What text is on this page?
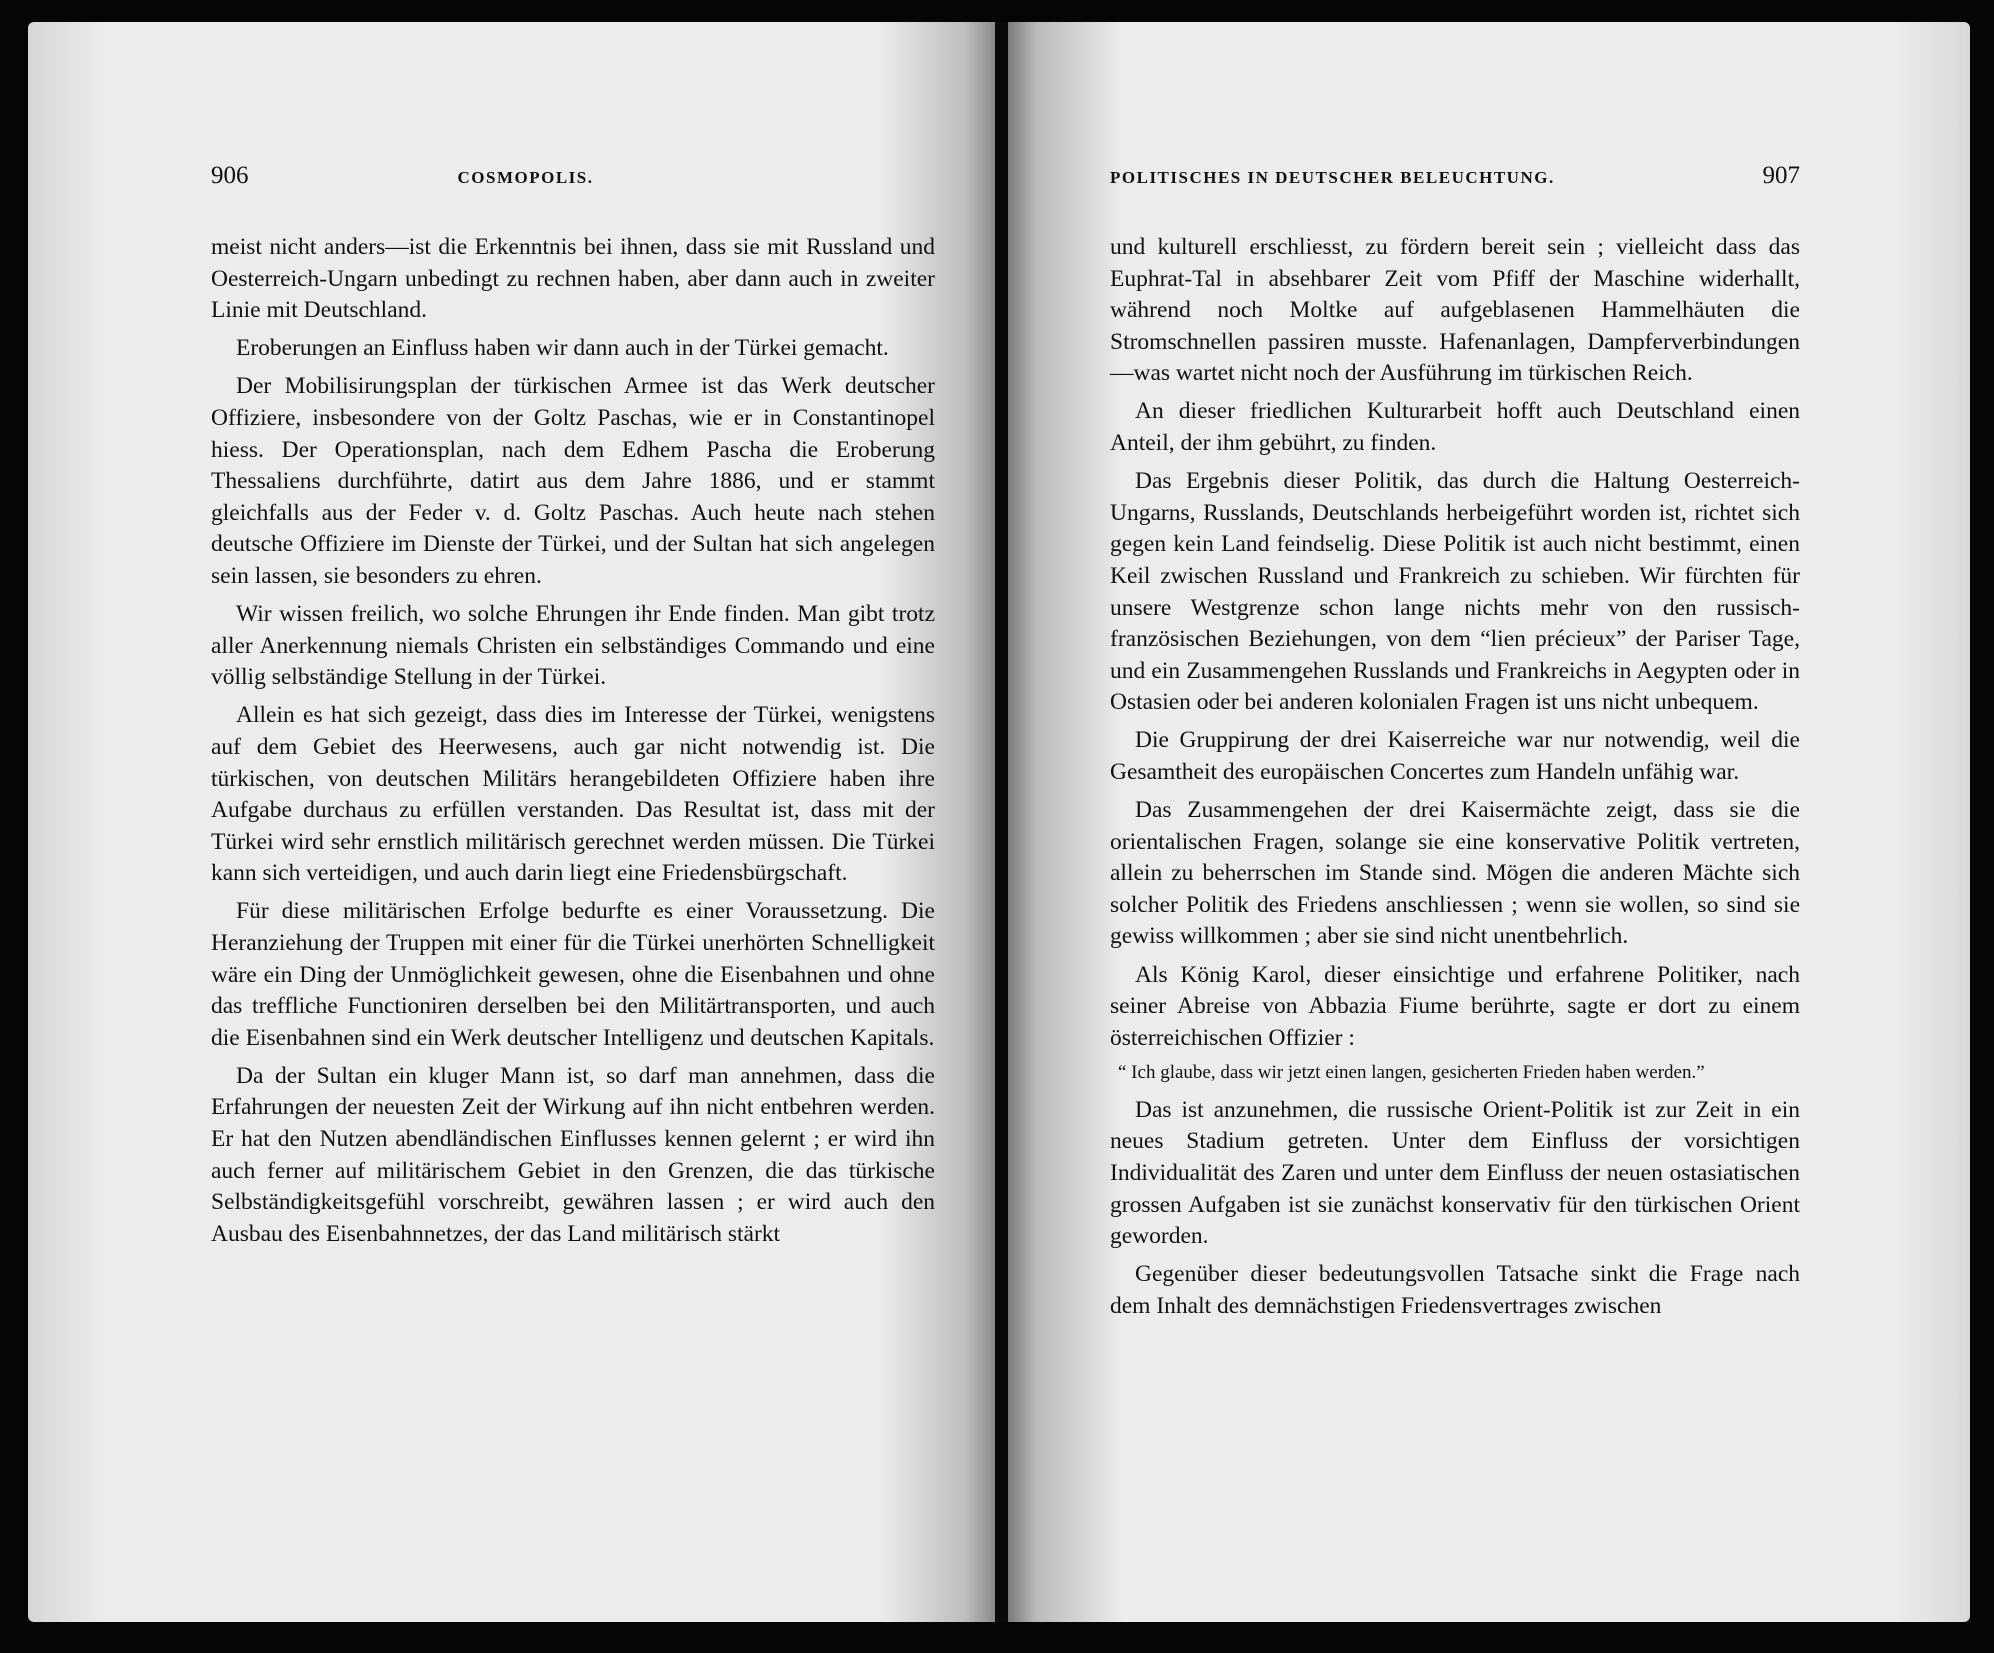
906	COSMOPOLIS.

meist nicht anders—ist die Erkenntnis bei ihnen, dass sie mit Russland und Oesterreich-Ungarn unbedingt zu rechnen haben, aber dann auch in zweiter Linie mit Deutschland.

Eroberungen an Einfluss haben wir dann auch in der Türkei gemacht.

Der Mobilisirungsplan der türkischen Armee ist das Werk deutscher Offiziere, insbesondere von der Goltz Paschas, wie er in Constantinopel hiess. Der Operationsplan, nach dem Edhem Pascha die Eroberung Thessaliens durchführte, datirt aus dem Jahre 1886, und er stammt gleichfalls aus der Feder v. d. Goltz Paschas. Auch heute nach stehen deutsche Offiziere im Dienste der Türkei, und der Sultan hat sich angelegen sein lassen, sie besonders zu ehren.

Wir wissen freilich, wo solche Ehrungen ihr Ende finden. Man gibt trotz aller Anerkennung niemals Christen ein selbständiges Commando und eine völlig selbständige Stellung in der Türkei.

Allein es hat sich gezeigt, dass dies im Interesse der Türkei, wenigstens auf dem Gebiet des Heerwesens, auch gar nicht notwendig ist. Die türkischen, von deutschen Militärs herangebildeten Offiziere haben ihre Aufgabe durchaus zu erfüllen verstanden. Das Resultat ist, dass mit der Türkei wird sehr ernstlich militärisch gerechnet werden müssen. Die Türkei kann sich verteidigen, und auch darin liegt eine Friedensbürgschaft.

Für diese militärischen Erfolge bedurfte es einer Voraussetzung. Die Heranziehung der Truppen mit einer für die Türkei unerhörten Schnelligkeit wäre ein Ding der Unmöglichkeit gewesen, ohne die Eisenbahnen und ohne das treffliche Functioniren derselben bei den Militärtransporten, und auch die Eisenbahnen sind ein Werk deutscher Intelligenz und deutschen Kapitals.

Da der Sultan ein kluger Mann ist, so darf man annehmen, dass die Erfahrungen der neuesten Zeit der Wirkung auf ihn nicht entbehren werden. Er hat den Nutzen abendländischen Einflusses kennen gelernt ; er wird ihn auch ferner auf militärischem Gebiet in den Grenzen, die das türkische Selbständigkeitsgefühl vorschreibt, gewähren lassen ; er wird auch den Ausbau des Eisenbahnnetzes, der das Land militärisch stärkt

POLITISCHES IN DEUTSCHER BELEUCHTUNG.	907

und kulturell erschliesst, zu fördern bereit sein ; vielleicht dass das Euphrat-Tal in absehbarer Zeit vom Pfiff der Maschine widerhallt, während noch Moltke auf aufgeblasenen Hammelhäuten die Stromschnellen passiren musste. Hafenanlagen, Dampferverbindungen—was wartet nicht noch der Ausführung im türkischen Reich.

An dieser friedlichen Kulturarbeit hofft auch Deutschland einen Anteil, der ihm gebührt, zu finden.

Das Ergebnis dieser Politik, das durch die Haltung Oesterreich-Ungarns, Russlands, Deutschlands herbeigeführt worden ist, richtet sich gegen kein Land feindselig. Diese Politik ist auch nicht bestimmt, einen Keil zwischen Russland und Frankreich zu schieben. Wir fürchten für unsere Westgrenze schon lange nichts mehr von den russisch-französischen Beziehungen, von dem “lien précieux” der Pariser Tage, und ein Zusammengehen Russlands und Frankreichs in Aegypten oder in Ostasien oder bei anderen kolonialen Fragen ist uns nicht unbequem.

Die Gruppirung der drei Kaiserreiche war nur notwendig, weil die Gesamtheit des europäischen Concertes zum Handeln unfähig war.

Das Zusammengehen der drei Kaisermächte zeigt, dass sie die orientalischen Fragen, solange sie eine konservative Politik vertreten, allein zu beherrschen im Stande sind. Mögen die anderen Mächte sich solcher Politik des Friedens anschliessen ; wenn sie wollen, so sind sie gewiss willkommen ; aber sie sind nicht unentbehrlich.

Als König Karol, dieser einsichtige und erfahrene Politiker, nach seiner Abreise von Abbazia Fiume berührte, sagte er dort zu einem österreichischen Offizier :

“ Ich glaube, dass wir jetzt einen langen, gesicherten Frieden haben werden.”

Das ist anzunehmen, die russische Orient-Politik ist zur Zeit in ein neues Stadium getreten. Unter dem Einfluss der vorsichtigen Individualität des Zaren und unter dem Einfluss der neuen ostasiatischen grossen Aufgaben ist sie zunächst konservativ für den türkischen Orient geworden.

Gegenüber dieser bedeutungsvollen Tatsache sinkt die Frage nach dem Inhalt des demnächstigen Friedensvertrages zwischen
